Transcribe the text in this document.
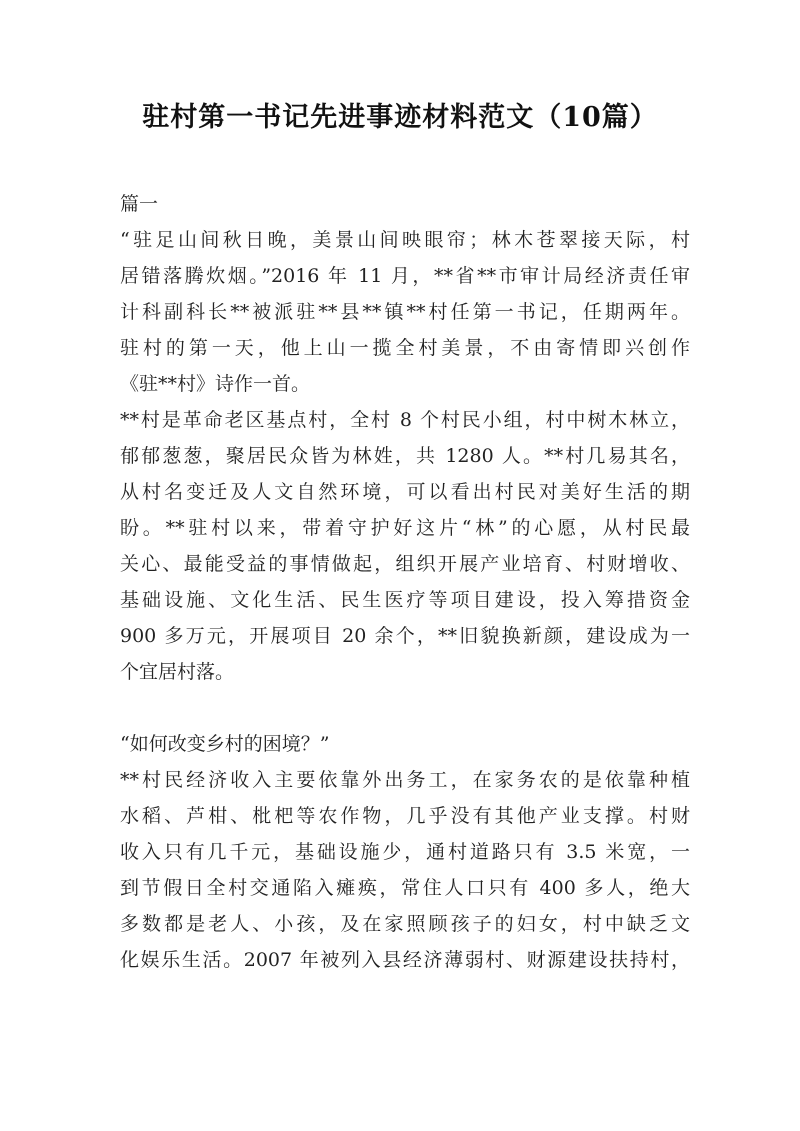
驻村第一书记先进事迹材料范文（10篇）
篇一
“驻足山间秋日晚，美景山间映眼帘；林木苍翠接天际，村
居错落腾炊烟。”2016 年 11 月，**省**市审计局经济责任审
计科副科长**被派驻**县**镇**村任第一书记，任期两年。
驻村的第一天，他上山一揽全村美景，不由寄情即兴创作
《驻**村》诗作一首。
**村是革命老区基点村，全村 8 个村民小组，村中树木林立，
郁郁葱葱，聚居民众皆为林姓，共 1280 人。**村几易其名，
从村名变迁及人文自然环境，可以看出村民对美好生活的期
盼。**驻村以来，带着守护好这片“林”的心愿，从村民最
关心、最能受益的事情做起，组织开展产业培育、村财增收、
基础设施、文化生活、民生医疗等项目建设，投入筹措资金
900 多万元，开展项目 20 余个，**旧貌换新颜，建设成为一
个宜居村落。
“如何改变乡村的困境？”
**村民经济收入主要依靠外出务工，在家务农的是依靠种植
水稻、芦柑、枇杷等农作物，几乎没有其他产业支撑。村财
收入只有几千元，基础设施少，通村道路只有 3.5 米宽，一
到节假日全村交通陷入瘫痪，常住人口只有 400 多人，绝大
多数都是老人、小孩，及在家照顾孩子的妇女，村中缺乏文
化娱乐生活。2007 年被列入县经济薄弱村、财源建设扶持村，
